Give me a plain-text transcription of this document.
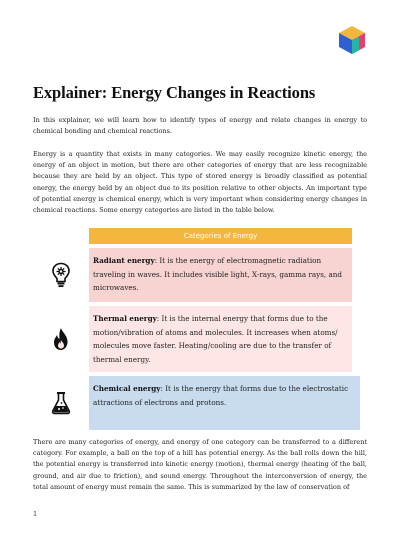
Explainer: Energy Changes in Reactions

In this explainer, we will learn how to identify types of energy and relate changes in energy to chemical bonding and chemical reactions.

Energy is a quantity that exists in many categories. We may easily recognize kinetic energy, the energy of an object in motion, but there are other categories of energy that are less recognizable because they are held by an object. This type of stored energy is broadly classified as potential energy, the energy held by an object due to its position relative to other objects. An important type of potential energy is chemical energy, which is very important when considering energy changes in chemical reactions. Some energy categories are listed in the table below.

Categories of Energy
Radiant energy: It is the energy of electromagnetic radiation traveling in waves. It includes visible light, X-rays, gamma rays, and microwaves.
Thermal energy: It is the internal energy that forms due to the motion/vibration of atoms and molecules. It increases when atoms/ molecules move faster. Heating/cooling are due to the transfer of thermal energy.
Chemical energy: It is the energy that forms due to the electrostatic attractions of electrons and protons.

There are many categories of energy, and energy of one category can be transferred to a different category. For example, a ball on the top of a hill has potential energy. As the ball rolls down the hill, the potential energy is transferred into kinetic energy (motion), thermal energy (heating of the ball, ground, and air due to friction), and sound energy. Throughout the interconversion of energy, the total amount of energy must remain the same. This is summarized by the law of conservation of

1
